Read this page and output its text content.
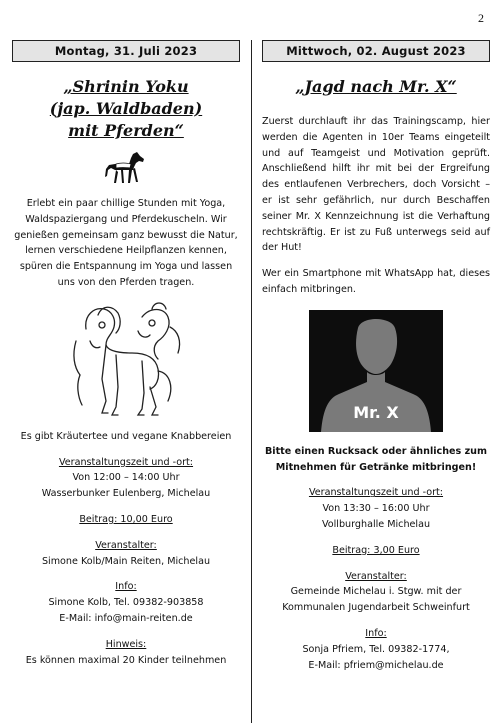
2
Montag, 31. Juli 2023
„Shrinin Yoku
(jap. Waldbaden)
mit Pferden“
Erlebt ein paar chillige Stunden mit Yoga, Waldspaziergang und Pferdekuscheln. Wir genießen gemeinsam ganz bewusst die Natur, lernen verschiedene Heilpflanzen kennen, spüren die Entspannung im Yoga und lassen uns von den Pferden tragen.
Es gibt Kräutertee und vegane Knabbereien
Veranstaltungszeit und -ort:
Von 12:00 – 14:00 Uhr
Wasserbunker Eulenberg, Michelau
Beitrag: 10,00 Euro
Veranstalter:
Simone Kolb/Main Reiten, Michelau
Info:
Simone Kolb, Tel. 09382-903858
E-Mail: info@main-reiten.de
Hinweis:
Es können maximal 20 Kinder teilnehmen
Mittwoch, 02. August 2023
„Jagd nach Mr. X“
Zuerst durchlauft ihr das Trainingscamp, hier werden die Agenten in 10er Teams eingeteilt und auf Teamgeist und Motivation geprüft. Anschließend hilft ihr mit bei der Ergreifung des entlaufenen Verbrechers, doch Vorsicht – er ist sehr gefährlich, nur durch Beschaffen seiner Mr. X Kennzeichnung ist die Verhaftung rechtskräftig. Er ist zu Fuß unterwegs seid auf der Hut!
Wer ein Smartphone mit WhatsApp hat, dieses einfach mitbringen.
Mr. X
Bitte einen Rucksack oder ähnliches zum Mitnehmen für Getränke mitbringen!
Veranstaltungszeit und -ort:
Von 13:30 – 16:00 Uhr
Vollburghalle Michelau
Beitrag: 3,00 Euro
Veranstalter:
Gemeinde Michelau i. Stgw. mit der Kommunalen Jugendarbeit Schweinfurt
Info:
Sonja Pfriem, Tel. 09382-1774,
E-Mail: pfriem@michelau.de
